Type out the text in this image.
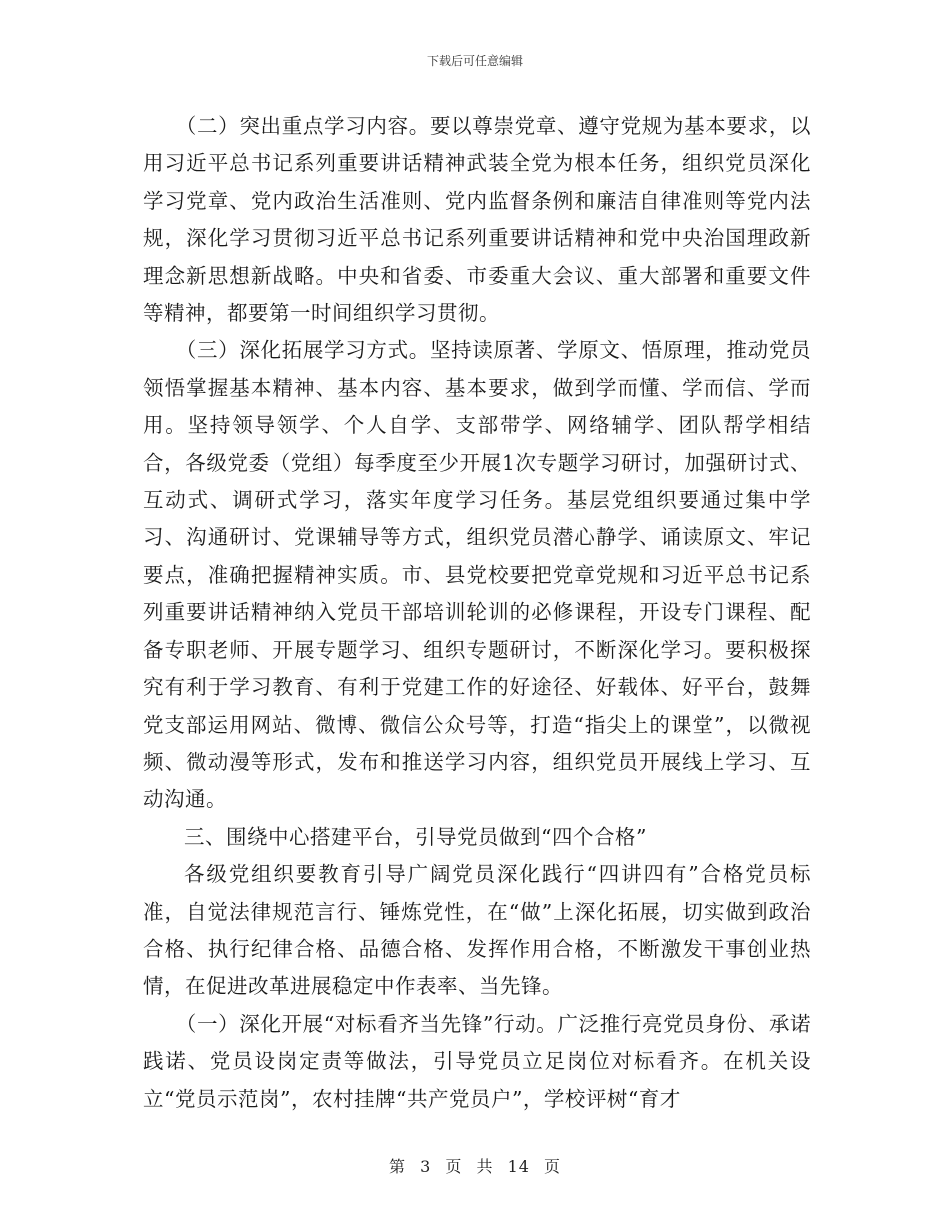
下载后可任意编辑

（二）突出重点学习内容。要以尊崇党章、遵守党规为基本要求，以用习近平总书记系列重要讲话精神武装全党为根本任务，组织党员深化学习党章、党内政治生活准则、党内监督条例和廉洁自律准则等党内法规，深化学习贯彻习近平总书记系列重要讲话精神和党中央治国理政新理念新思想新战略。中央和省委、市委重大会议、重大部署和重要文件等精神，都要第一时间组织学习贯彻。

（三）深化拓展学习方式。坚持读原著、学原文、悟原理，推动党员领悟掌握基本精神、基本内容、基本要求，做到学而懂、学而信、学而用。坚持领导领学、个人自学、支部带学、网络辅学、团队帮学相结合，各级党委（党组）每季度至少开展1次专题学习研讨，加强研讨式、互动式、调研式学习，落实年度学习任务。基层党组织要通过集中学习、沟通研讨、党课辅导等方式，组织党员潜心静学、诵读原文、牢记要点，准确把握精神实质。市、县党校要把党章党规和习近平总书记系列重要讲话精神纳入党员干部培训轮训的必修课程，开设专门课程、配备专职老师、开展专题学习、组织专题研讨，不断深化学习。要积极探究有利于学习教育、有利于党建工作的好途径、好载体、好平台，鼓舞党支部运用网站、微博、微信公众号等，打造“指尖上的课堂”，以微视频、微动漫等形式，发布和推送学习内容，组织党员开展线上学习、互动沟通。

三、围绕中心搭建平台，引导党员做到“四个合格”

各级党组织要教育引导广阔党员深化践行“四讲四有”合格党员标准，自觉法律规范言行、锤炼党性，在“做”上深化拓展，切实做到政治合格、执行纪律合格、品德合格、发挥作用合格，不断激发干事创业热情，在促进改革进展稳定中作表率、当先锋。

（一）深化开展“对标看齐当先锋”行动。广泛推行亮党员身份、承诺践诺、党员设岗定责等做法，引导党员立足岗位对标看齐。在机关设立“党员示范岗”，农村挂牌“共产党员户”，学校评树“育才

第 3 页 共 14 页
